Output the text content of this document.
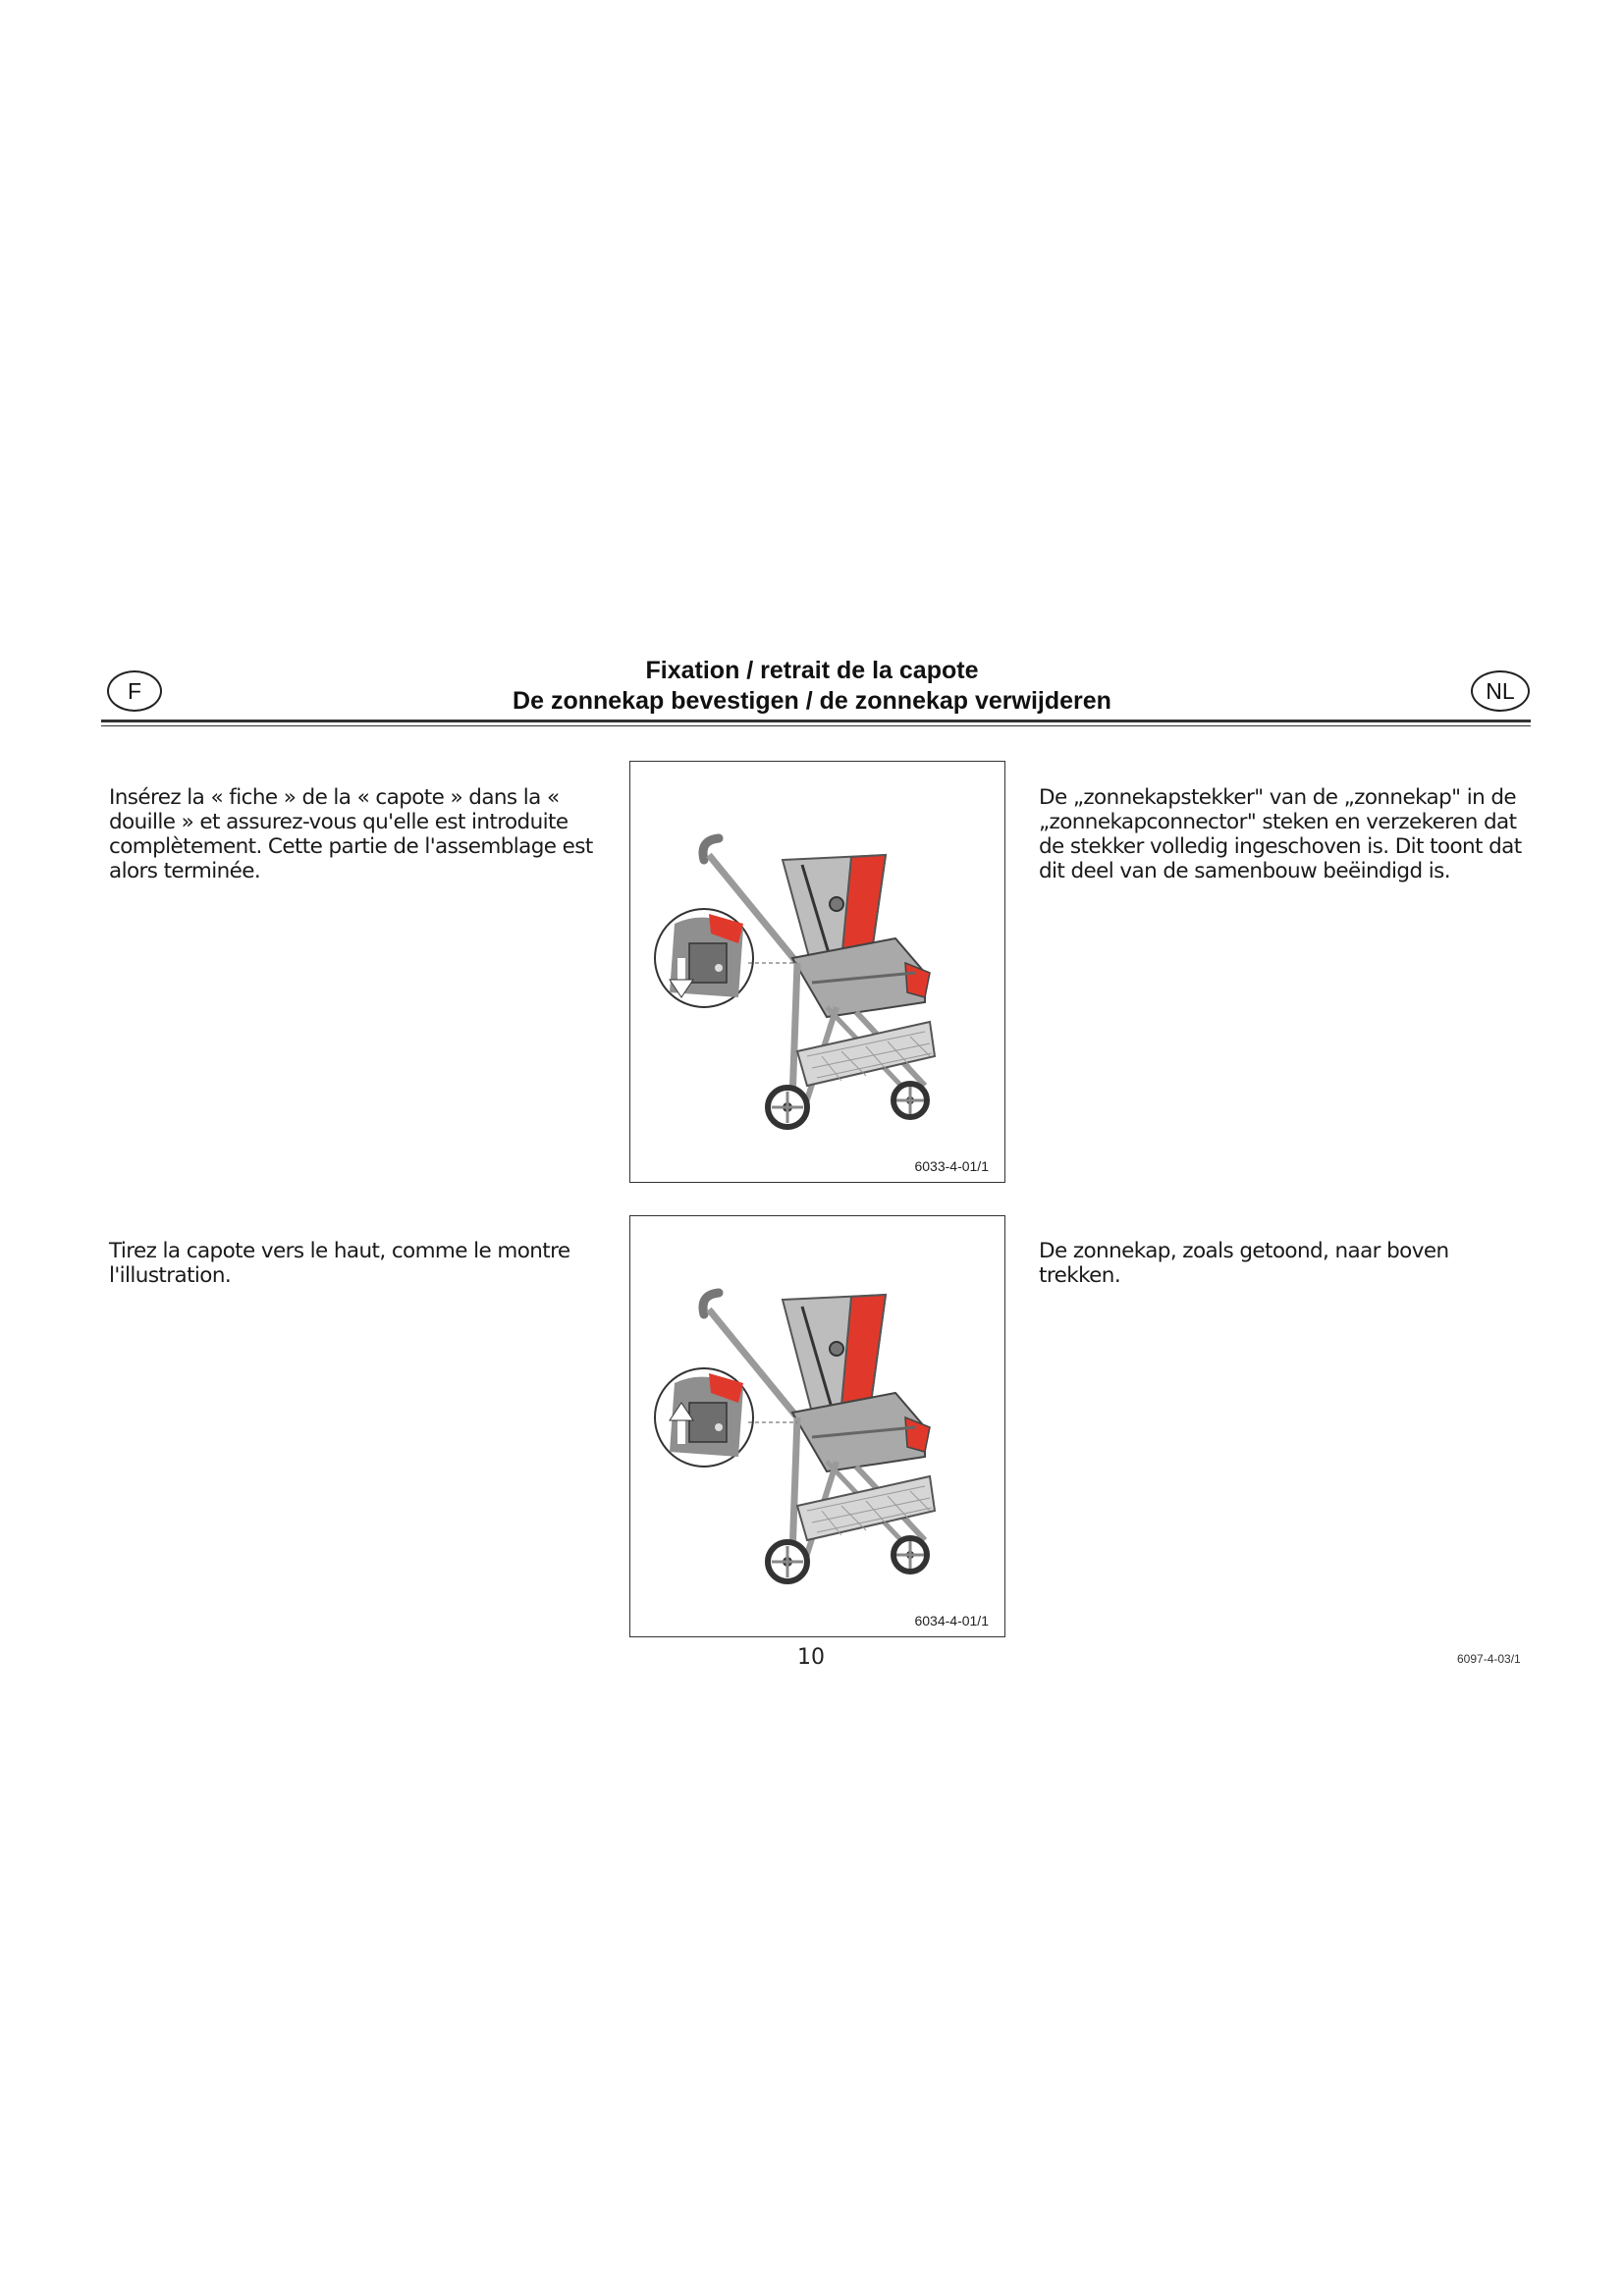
F	NL
Fixation / retrait de la capote
De zonnekap bevestigen / de zonnekap verwijderen
Insérez la « fiche » de la « capote » dans la « douille » et assurez-vous qu'elle est introduite complètement. Cette partie de l'assemblage est alors terminée.
De „zonnekapstekker" van de „zonnekap" in de „zonnekapconnector" steken en verzekeren dat de stekker volledig ingeschoven is. Dit toont dat dit deel van de samenbouw beëindigd is.
6033-4-01/1
Tirez la capote vers le haut, comme le montre l'illustration.
De zonnekap, zoals getoond, naar boven trekken.
6034-4-01/1
10	6097-4-03/1
